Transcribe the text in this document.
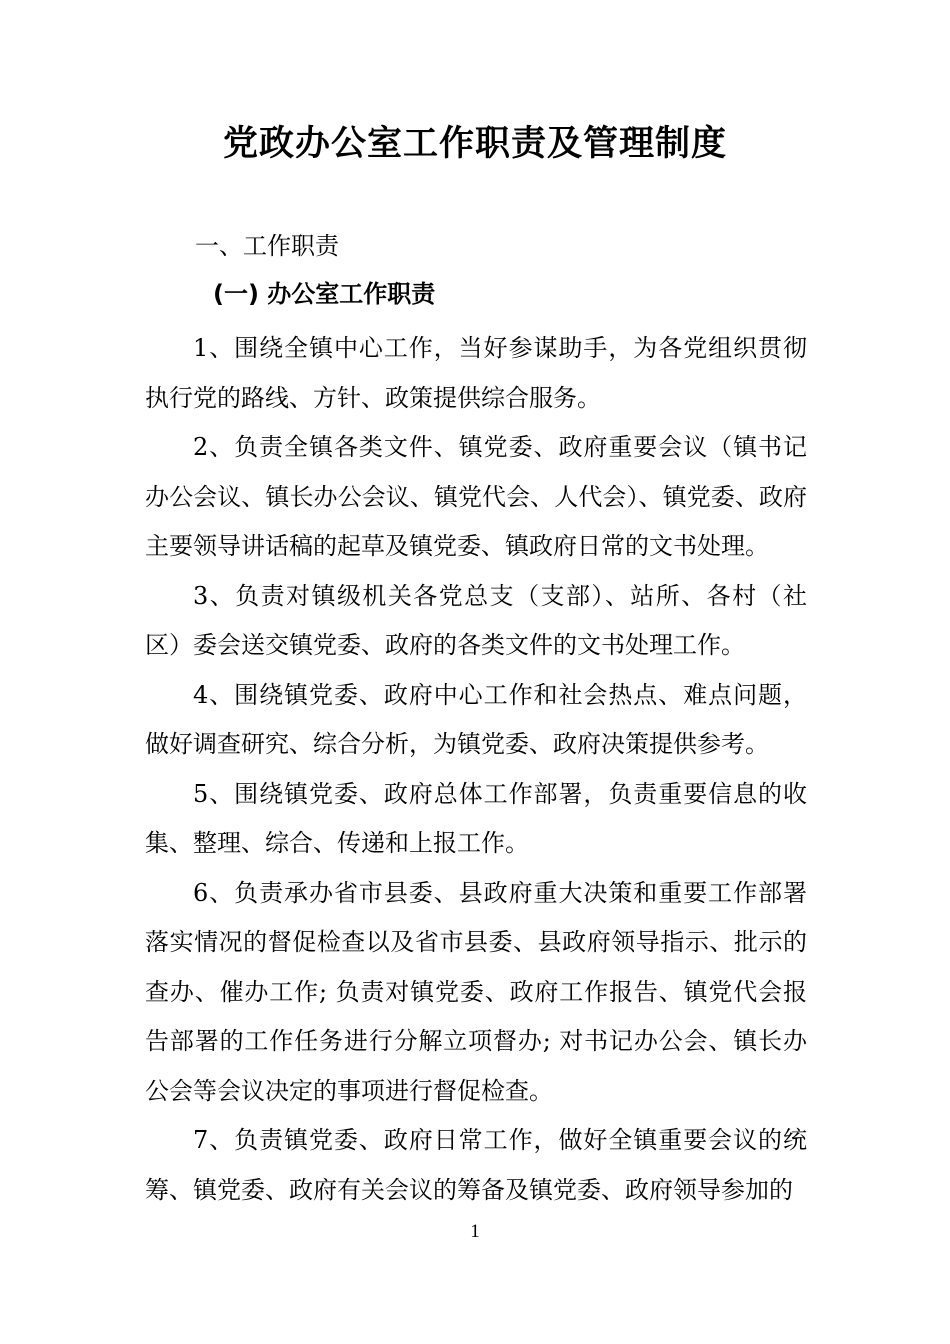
党政办公室工作职责及管理制度
一、工作职责
(一) 办公室工作职责

1、围绕全镇中心工作，当好参谋助手，为各党组织贯彻执行党的路线、方针、政策提供综合服务。

2、负责全镇各类文件、镇党委、政府重要会议（镇书记办公会议、镇长办公会议、镇党代会、人代会）、镇党委、政府主要领导讲话稿的起草及镇党委、镇政府日常的文书处理。

3、负责对镇级机关各党总支（支部）、站所、各村（社区）委会送交镇党委、政府的各类文件的文书处理工作。

4、围绕镇党委、政府中心工作和社会热点、难点问题，做好调查研究、综合分析，为镇党委、政府决策提供参考。

5、围绕镇党委、政府总体工作部署，负责重要信息的收集、整理、综合、传递和上报工作。

6、负责承办省市县委、县政府重大决策和重要工作部署落实情况的督促检查以及省市县委、县政府领导指示、批示的查办、催办工作; 负责对镇党委、政府工作报告、镇党代会报告部署的工作任务进行分解立项督办; 对书记办公会、镇长办公会等会议决定的事项进行督促检查。

7、负责镇党委、政府日常工作，做好全镇重要会议的统筹、镇党委、政府有关会议的筹备及镇党委、政府领导参加的

1
